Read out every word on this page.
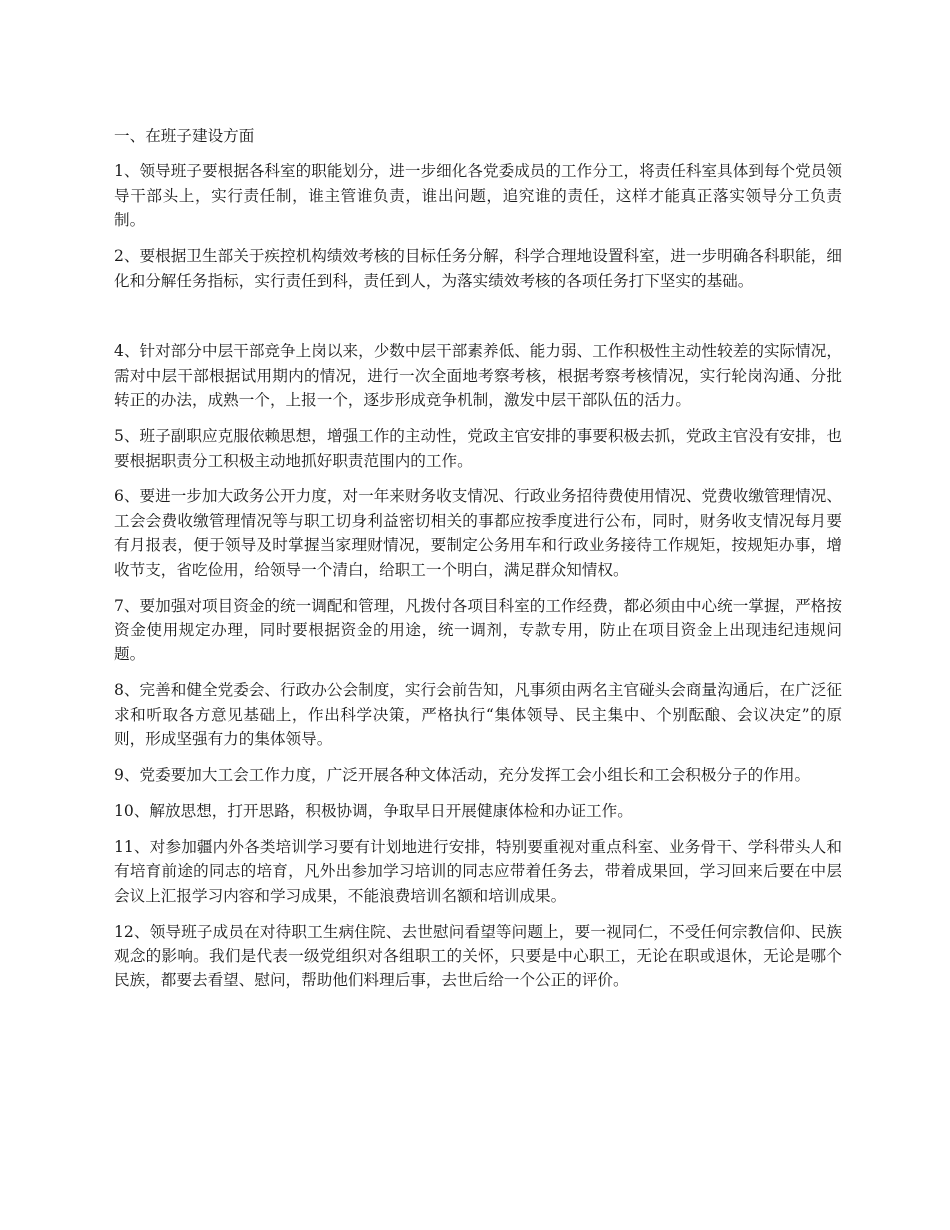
一、在班子建设方面

1、领导班子要根据各科室的职能划分，进一步细化各党委成员的工作分工，将责任科室具体到每个党员领导干部头上，实行责任制，谁主管谁负责，谁出问题，追究谁的责任，这样才能真正落实领导分工负责制。

2、要根据卫生部关于疾控机构绩效考核的目标任务分解，科学合理地设置科室，进一步明确各科职能，细化和分解任务指标，实行责任到科，责任到人，为落实绩效考核的各项任务打下坚实的基础。

4、针对部分中层干部竞争上岗以来，少数中层干部素养低、能力弱、工作积极性主动性较差的实际情况，需对中层干部根据试用期内的情况，进行一次全面地考察考核，根据考察考核情况，实行轮岗沟通、分批转正的办法，成熟一个，上报一个，逐步形成竞争机制，激发中层干部队伍的活力。

5、班子副职应克服依赖思想，增强工作的主动性，党政主官安排的事要积极去抓，党政主官没有安排，也要根据职责分工积极主动地抓好职责范围内的工作。

6、要进一步加大政务公开力度，对一年来财务收支情况、行政业务招待费使用情况、党费收缴管理情况、工会会费收缴管理情况等与职工切身利益密切相关的事都应按季度进行公布，同时，财务收支情况每月要有月报表，便于领导及时掌握当家理财情况，要制定公务用车和行政业务接待工作规矩，按规矩办事，增收节支，省吃俭用，给领导一个清白，给职工一个明白，满足群众知情权。

7、要加强对项目资金的统一调配和管理，凡拨付各项目科室的工作经费，都必须由中心统一掌握，严格按资金使用规定办理，同时要根据资金的用途，统一调剂，专款专用，防止在项目资金上出现违纪违规问题。

8、完善和健全党委会、行政办公会制度，实行会前告知，凡事须由两名主官碰头会商量沟通后，在广泛征求和听取各方意见基础上，作出科学决策，严格执行“集体领导、民主集中、个别酝酿、会议决定”的原则，形成坚强有力的集体领导。

9、党委要加大工会工作力度，广泛开展各种文体活动，充分发挥工会小组长和工会积极分子的作用。

10、解放思想，打开思路，积极协调，争取早日开展健康体检和办证工作。

11、对参加疆内外各类培训学习要有计划地进行安排，特别要重视对重点科室、业务骨干、学科带头人和有培育前途的同志的培育，凡外出参加学习培训的同志应带着任务去，带着成果回，学习回来后要在中层会议上汇报学习内容和学习成果，不能浪费培训名额和培训成果。

12、领导班子成员在对待职工生病住院、去世慰问看望等问题上，要一视同仁，不受任何宗教信仰、民族观念的影响。我们是代表一级党组织对各组职工的关怀，只要是中心职工，无论在职或退休，无论是哪个民族，都要去看望、慰问，帮助他们料理后事，去世后给一个公正的评价。
